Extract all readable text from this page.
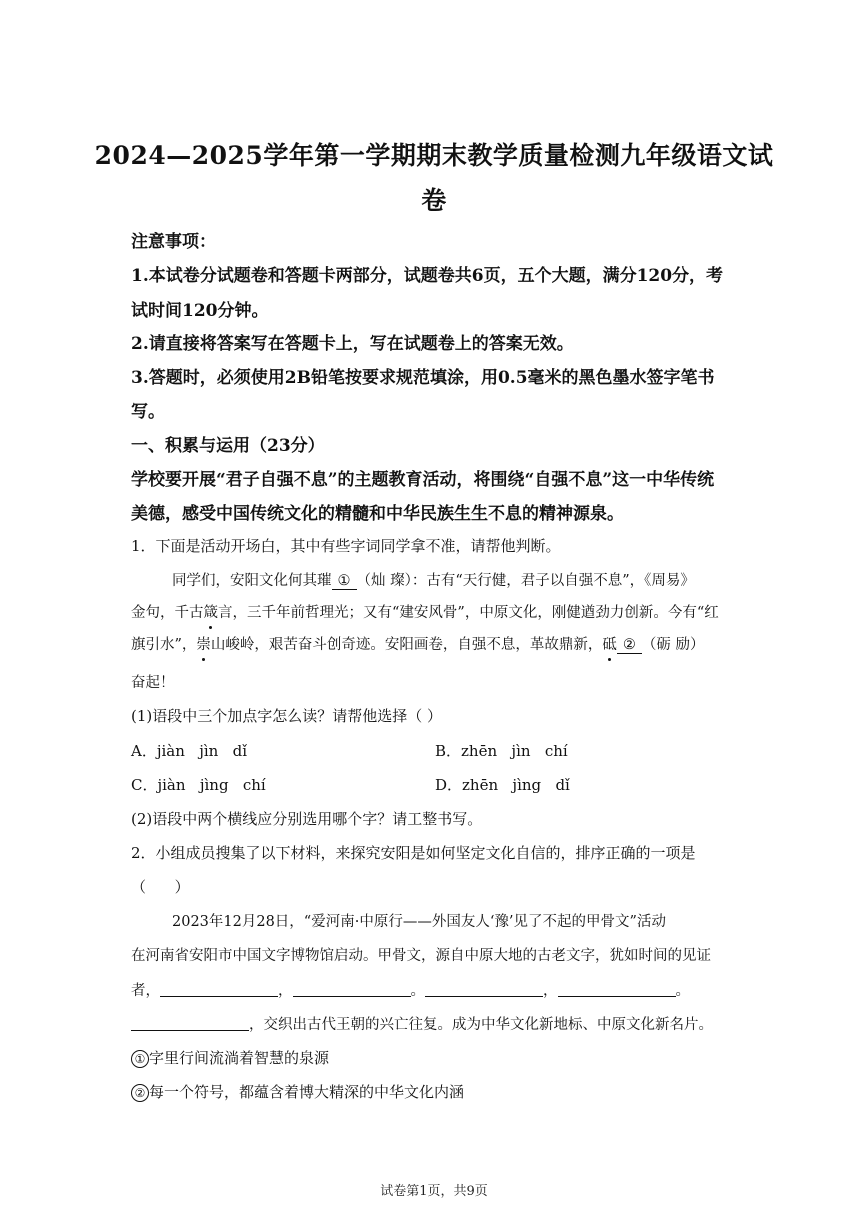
2024—2025学年第一学期期末教学质量检测九年级语文试
卷
注意事项：
1.本试卷分试题卷和答题卡两部分，试题卷共6页，五个大题，满分120分，考
试时间120分钟。
2.请直接将答案写在答题卡上，写在试题卷上的答案无效。
3.答题时，必须使用2B铅笔按要求规范填涂，用0.5毫米的黑色墨水签字笔书
写。
一、积累与运用（23分）
学校要开展“君子自强不息”的主题教育活动，将围绕“自强不息”这一中华传统
美德，感受中国传统文化的精髓和中华民族生生不息的精神源泉。
1．下面是活动开场白，其中有些字词同学拿不准，请帮他判断。
同学们，安阳文化何其璀 ① （灿 璨）：古有“天行健，君子以自强不息”，《周易》
金句，千古箴言，三千年前哲理光；又有“建安风骨”，中原文化，刚健遒劲力创新。今有“红
旗引水”，崇山峻岭，艰苦奋斗创奇迹。安阳画卷，自强不息，革故鼎新，砥 ② （砺 励）
奋起！
(1)语段中三个加点字怎么读？请帮他选择（ ）
A．jiàn   jìn   dǐ	B．zhēn   jìn   chí
C．jiàn   jìng   chí	D．zhēn   jìng   dǐ
(2)语段中两个横线应分别选用哪个字？请工整书写。
2．小组成员搜集了以下材料，来探究安阳是如何坚定文化自信的，排序正确的一项是
（      ）
2023年12月28日，“爱河南·中原行——外国友人‘豫’见了不起的甲骨文”活动
在河南省安阳市中国文字博物馆启动。甲骨文，源自中原大地的古老文字，犹如时间的见证
者，	，	。	，	。
，交织出古代王朝的兴亡往复。成为中华文化新地标、中原文化新名片。
① 字里行间流淌着智慧的泉源
② 每一个符号，都蕴含着博大精深的中华文化内涵
试卷第1页，共9页
